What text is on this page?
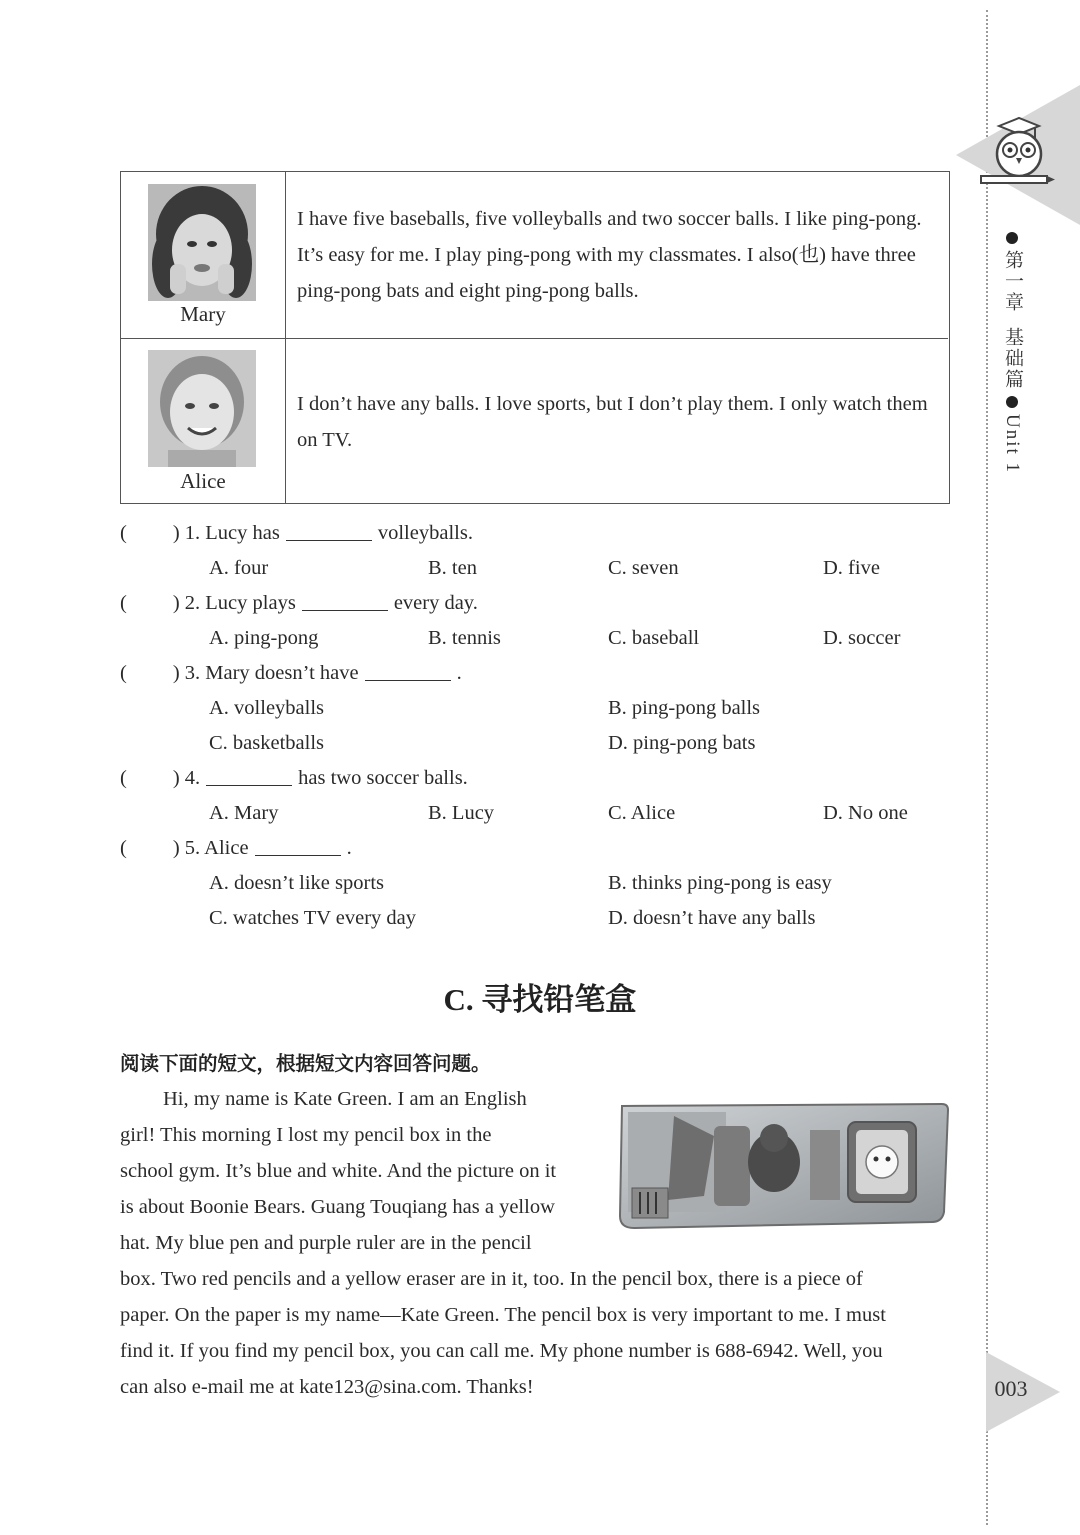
第一章
基础篇
Unit 1
003
Mary
I have five baseballs, five volleyballs and two soccer balls. I like ping-pong. It’s easy for me. I play ping-pong with my classmates. I also(也) have three ping-pong bats and eight ping-pong balls.
Alice
I don’t have any balls. I love sports, but I don’t play them. I only watch them on TV.
( ) 1. Lucy has	volleyballs.
A. four	B. ten	C. seven	D. five
( ) 2. Lucy plays	every day.
A. ping-pong	B. tennis	C. baseball	D. soccer
( ) 3. Mary doesn’t have	.
A. volleyballs	B. ping-pong balls
C. basketballs	D. ping-pong bats
( ) 4.	has two soccer balls.
A. Mary	B. Lucy	C. Alice	D. No one
( ) 5. Alice	.
A. doesn’t like sports	B. thinks ping-pong is easy
C. watches TV every day	D. doesn’t have any balls
C. 寻找铅笔盒
阅读下面的短文，根据短文内容回答问题。
Hi, my name is Kate Green. I am an English
girl! This morning I lost my pencil box in the
school gym. It’s blue and white. And the picture on it
is about Boonie Bears. Guang Touqiang has a yellow
hat. My blue pen and purple ruler are in the pencil
box. Two red pencils and a yellow eraser are in it, too. In the pencil box, there is a piece of
paper. On the paper is my name—Kate Green. The pencil box is very important to me. I must
find it. If you find my pencil box, you can call me. My phone number is 688-6942. Well, you
can also e-mail me at kate123@sina.com. Thanks!
